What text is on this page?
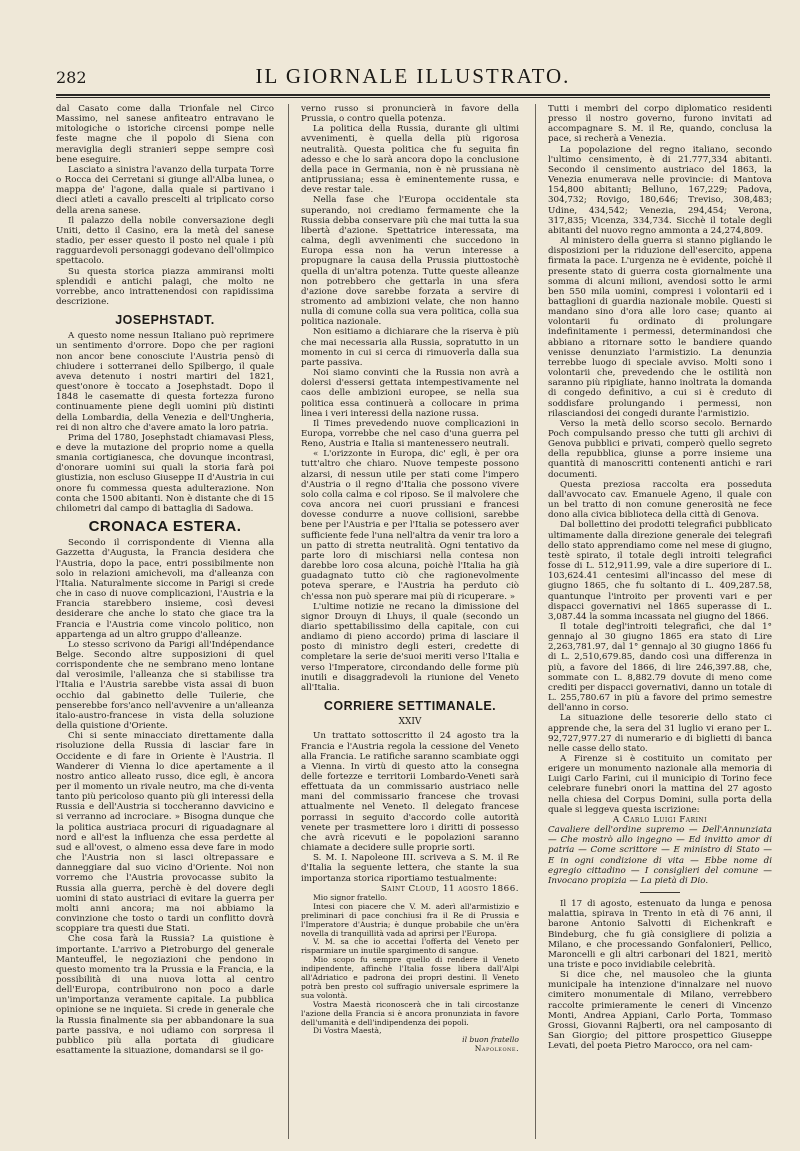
282	IL GIORNALE ILLUSTRATO.

dal Casato come dalla Trionfale nel Circo Massimo, nel sanese anfiteatro entravano le mitologiche o istoriche circensi pompe nelle feste magne che il popolo di Siena con meraviglia degli stranieri seppe sempre così bene eseguire.

Lasciato a sinistra l'avanzo della turpata Torre o Rocca dei Cerretani si giunge all'Alba lunea, o mappa de' l'agone, dalla quale si partivano i dieci atleti a cavallo prescelti al triplicato corso della arena sanese.

Il palazzo della nobile conversazione degli Uniti, detto il Casino, era la metà del sanese stadio, per esser questo il posto nel quale i più ragguardevoli personaggi godevano dell'olimpico spettacolo.

Su questa storica piazza ammiransi molti splendidi e antichi palagi, che molto ne vorrebbe, anco intrattenendosi con rapidissima descrizione.

JOSEPHSTADT.

A questo nome nessun Italiano può reprimere un sentimento d'orrore. Dopo che per ragioni non ancor bene conosciute l'Austria pensò di chiudere i sotterranei dello Spilbergo, il quale aveva detenuto i nostri martiri del 1821, quest'onore è toccato a Josephstadt. Dopo il 1848 le casematte di questa fortezza furono continuamente piene degli uomini più distinti della Lombardia, della Venezia e dell'Ungheria, rei di non altro che d'avere amato la loro patria.

Prima del 1780, Josephstadt chiamavasi Pless, e deve la mutazione del proprio nome a quella smania cortigianesca, che dovunque incontrasi, d'onorare uomini sui quali la storia farà poi giustizia, non escluso Giuseppe II d'Austria in cui onore fu commessa questa adulterazione. Non conta che 1500 abitanti. Non è distante che di 15 chilometri dal campo di battaglia di Sadowa.

CRONACA ESTERA.

Secondo il corrispondente di Vienna alla Gazzetta d'Augusta, la Francia desidera che l'Austria, dopo la pace, entri possibilmente non solo in relazioni amichevoli, ma d'alleanza con l'Italia. Naturalmente siccome in Parigi si crede che in caso di nuove complicazioni, l'Austria e la Francia starebbero insieme, così devesi desiderare che anche lo stato che giace tra la Francia e l'Austria come vincolo politico, non appartenga ad un altro gruppo d'alleanze.

Lo stesso scrivono da Parigi all'Indépendance Belge. Secondo altre supposizioni di quel corrispondente che ne sembrano meno lontane dal verosimile, l'alleanza che si stabilisse tra l'Italia e l'Austria sarebbe vista assai di buon occhio dal gabinetto delle Tuilerie, che penserebbe fors'anco nell'avvenire a un'alleanza italo-austro-francese in vista della soluzione della quistione d'Oriente.

Chi si sente minacciato direttamente dalla risoluzione della Russia di lasciar fare in Occidente e di fare in Oriente è l'Austria. Il Wanderer di Vienna lo dice apertamente a il nostro antico alleato russo, dice egli, è ancora per il momento un rivale neutro, ma che di-venta tanto più pericoloso quanto più gli interessi della Russia e dell'Austria si toccheranno davvicino e si verranno ad incrociare. » Bisogna dunque che la politica austriaca procuri di riguadagnare al nord e all'est la influenza che essa perdette al sud e all'ovest, o almeno essa deve fare in modo che l'Austria non si lasci oltrepassare e danneggiare dal suo vicino d'Oriente. Noi non vorremo che l'Austria provocasse subito la Russia alla guerra, perchè è del dovere degli uomini di stato austriaci di evitare la guerra per molti anni ancora; ma noi abbiamo la convinzione che tosto o tardi un conflitto dovrà scoppiare tra questi due Stati.

Che cosa farà la Russia? La quistione è importante. L'arrivo a Pietroburgo del generale Manteuffel, le negoziazioni che pendono in questo momento tra la Prussia e la Francia, e la possibilità di una nuova lotta al centro dell'Europa, contribuirono non poco a darle un'importanza veramente capitale. La pubblica opinione se ne inquieta. Si crede in generale che la Russia finalmente sia per abbandonare la sua parte passiva, e noi udiamo con sorpresa il pubblico più alla portata di giudicare esattamente la situazione, domandarsi se il go-

verno russo si pronuncierà in favore della Prussia, o contro quella potenza.

La politica della Russia, durante gli ultimi avvenimenti, è quella della più rigorosa neutralità. Questa politica che fu seguita fin adesso e che lo sarà ancora dopo la conclusione della pace in Germania, non è nè prussiana nè antiprussiana; essa è eminentemente russa, e deve restar tale.

Nella fase che l'Europa occidentale sta superando, noi crediamo fermamente che la Russia debba conservare più che mai tutta la sua libertà d'azione. Spettatrice interessata, ma calma, degli avvenimenti che succedono in Europa essa non ha verun interesse a propugnare la causa della Prussia piuttostochè quella di un'altra potenza. Tutte queste alleanze non potrebbero che gettarla in una sfera d'azione dove sarebbe forzata a servire di stromento ad ambizioni velate, che non hanno nulla di comune colla sua vera politica, colla sua politica nazionale.

Non esitiamo a dichiarare che la riserva è più che mai necessaria alla Russia, sopratutto in un momento in cui si cerca di rimuoverla dalla sua parte passiva.

Noi siamo convinti che la Russia non avrà a dolersi d'essersi gettata intempestivamente nel caos delle ambizioni europee, se nella sua politica essa continuerà a collocare in prima linea i veri interessi della nazione russa.

Il Times prevedendo nuove complicazioni in Europa, vorrebbe che nel caso d'una guerra pel Reno, Austria e Italia si mantenessero neutrali.

« L'orizzonte in Europa, dic' egli, è per ora tutt'altro che chiaro. Nuove tempeste possono alzarsi, di nessun utile per stati come l'impero d'Austria o il regno d'Italia che possono vivere solo colla calma e col riposo. Se il malvolere che cova ancora nei cuori prussiani e francesi dovesse condurre a nuove collisioni, sarebbe bene per l'Austria e per l'Italia se potessero aver sufficiente fede l'una nell'altra da venir tra loro a un patto di stretta neutralità. Ogni tentativo da parte loro di mischiarsi nella contesa non darebbe loro cosa alcuna, poichè l'Italia ha già guadagnato tutto ciò che ragionevolmente poteva sperare, e l'Austria ha perduto ciò ch'essa non può sperare mai più di ricuperare. »

L'ultime notizie ne recano la dimissione del signor Drouyn di Lhuys, il quale (secondo un diario spettabilissimo della capitale, con cui andiamo di pieno accordo) prima di lasciare il posto di ministro degli esteri, credette di completare la serie de'suoi meriti verso l'Italia e verso l'Imperatore, circondando delle forme più inutili e disaggradevoli la riunione del Veneto all'Italia.

CORRIERE SETTIMANALE.
XXIV

Un trattato sottoscritto il 24 agosto tra la Francia e l'Austria regola la cessione del Veneto alla Francia. Le ratifiche saranno scambiate oggi a Vienna. In virtù di questo atto la consegna delle fortezze e territorii Lombardo-Veneti sarà effettuata da un commissario austriaco nelle mani del commissario francese che trovasi attualmente nel Veneto. Il delegato francese porrassi in seguito d'accordo colle autorità venete per trasmettere loro i diritti di possesso che avrà ricevuti e le popolazioni saranno chiamate a decidere sulle proprie sorti.

S. M. I. Napoleone III. scriveva a S. M. il Re d'Italia la seguente lettera, che stante la sua importanza storica riportiamo testualmente:

Saint Cloud, 11 agosto 1866.

Mio signor fratello.

Intesi con piacere che V. M. aderì all'armistizio e preliminari di pace conchiusi fra il Re di Prussia e l'Imperatore d'Austria; è dunque probabile che un'èra novella di tranquillità vada ad aprirsi per l'Europa.

V. M. sa che io accettai l'offerta del Veneto per risparmiare un inutile spargimento di sangue.

Mio scopo fu sempre quello di rendere il Veneto indipendente, affinchè l'Italia fosse libera dall'Alpi all'Adriatico e padrona dei propri destini. Il Veneto potrà ben presto col suffragio universale esprimere la sua volontà.

Vostra Maestà riconoscerà che in tali circostanze l'azione della Francia si è ancora pronunziata in favore dell'umanità e dell'indipendenza dei popoli.

Di Vostra Maestà,

il buon fratello

Napoleone.

Tutti i membri del corpo diplomatico residenti presso il nostro governo, furono invitati ad accompagnare S. M. il Re, quando, conclusa la pace, si recherà a Venezia.

La popolazione del regno italiano, secondo l'ultimo censimento, è di 21.777,334 abitanti. Secondo il censimento austriaco del 1863, la Venezia enumerava nelle provincie: di Mantova 154,800 abitanti; Belluno, 167,229; Padova, 304,732; Rovigo, 180,646; Treviso, 308,483; Udine, 434,542; Venezia, 294,454; Verona, 317,835; Vicenza, 334,734. Sicchè il totale degli abitanti del nuovo regno ammonta a 24,274,809.

Al ministero della guerra si stanno pigliando le disposizioni per la riduzione dell'esercito, appena firmata la pace. L'urgenza ne è evidente, poichè il presente stato di guerra costa giornalmente una somma di alcuni milioni, avendosi sotto le armi ben 550 mila uomini, compresi i volontarii ed i battaglioni di guardia nazionale mobile. Questi si mandano sino d'ora alle loro case; quanto ai volontarii fu ordinato di prolungare indefinitamente i permessi, determinandosi che abbiano a ritornare sotto le bandiere quando venisse denunziato l'armistizio. La denunzia terrebbe luogo di speciale avviso. Molti sono i volontarii che, prevedendo che le ostilità non saranno più ripigliate, hanno inoltrata la domanda di congedo definitivo, a cui si è creduto di soddisfare prolungando i permessi, non rilasciandosi dei congedi durante l'armistizio.

Verso la metà dello scorso secolo. Bernardo Poch compulsando presso che tutti gli archivi di Genova pubblici e privati, comperò quello segreto della repubblica, giunse a porre insieme una quantità di manoscritti contenenti antichi e rari documenti.

Questa preziosa raccolta era posseduta dall'avvocato cav. Emanuele Ageno, il quale con un bel tratto di non comune generosità ne fece dono alla civica biblioteca della città di Genova.

Dal bollettino dei prodotti telegrafici pubblicato ultimamente dalla direzione generale dei telegrafi dello stato apprendiamo come nel mese di giugno, testè spirato, il totale degli introiti telegrafici fosse di L. 512,911.99, vale a dire superiore di L. 103,624.41 centesimi all'incasso del mese di giugno 1865, che fu soltanto di L. 409,287.58, quantunque l'introito per proventi vari e per dispacci governativi nel 1865 superasse di L. 3,087.44 la somma incassata nel giugno del 1866.

Il totale degl'introiti telegrafici, che dal 1° gennajo al 30 giugno 1865 era stato di Lire 2,263,781.97, dal 1° gennajo al 30 giugno 1866 fu di L. 2,510,679.85, dando così una differenza in più, a favore del 1866, di lire 246,397.88, che, sommate con L. 8,882.79 dovute di meno come crediti per dispacci governativi, danno un totale di L. 255,780.67 in più a favore del primo semestre dell'anno in corso.

La situazione delle tesorerie dello stato ci apprende che, la sera del 31 luglio vi erano per L. 92,727,977.27 di numerario e di biglietti di banca nelle casse dello stato.

A Firenze si è costituito un comitato per erigere un monumento nazionale alla memoria di Luigi Carlo Farini, cui il municipio di Torino fece celebrare funebri onori la mattina del 27 agosto nella chiesa del Corpus Domini, sulla porta della quale si leggeva questa iscrizione:

A Carlo Luigi Farini

Cavaliere dell'ordine supremo — Dell'Annunziata — Che mostrò allo ingegno — Ed invitto amor di patria — Come scrittore — E ministro di Stato — E in ogni condizione di vita — Ebbe nome di egregio cittadino — I consiglieri del comune — Invocano propizia — La pietà di Dio.

Il 17 di agosto, estenuato da lunga e penosa malattia, spirava in Trento in età di 76 anni, il barone Antonio Salvotti di Eichenkraft e Bindeburg, che fu già consigliere di polizia a Milano, e che processando Gonfalonieri, Pellico, Maroncelli e gli altri carbonari del 1821, meritò una triste e poco invidiabile celebrità.

Si dice che, nel mausoleo che la giunta municipale ha intenzione d'innalzare nel nuovo cimitero monumentale di Milano, verrebbero raccolte primieramente le ceneri di Vincenzo Monti, Andrea Appiani, Carlo Porta, Tommaso Grossi, Giovanni Rajberti, ora nel camposanto di San Giorgio; del pittore prospettico Giuseppe Levati, del poeta Pietro Marocco, ora nel cam-
